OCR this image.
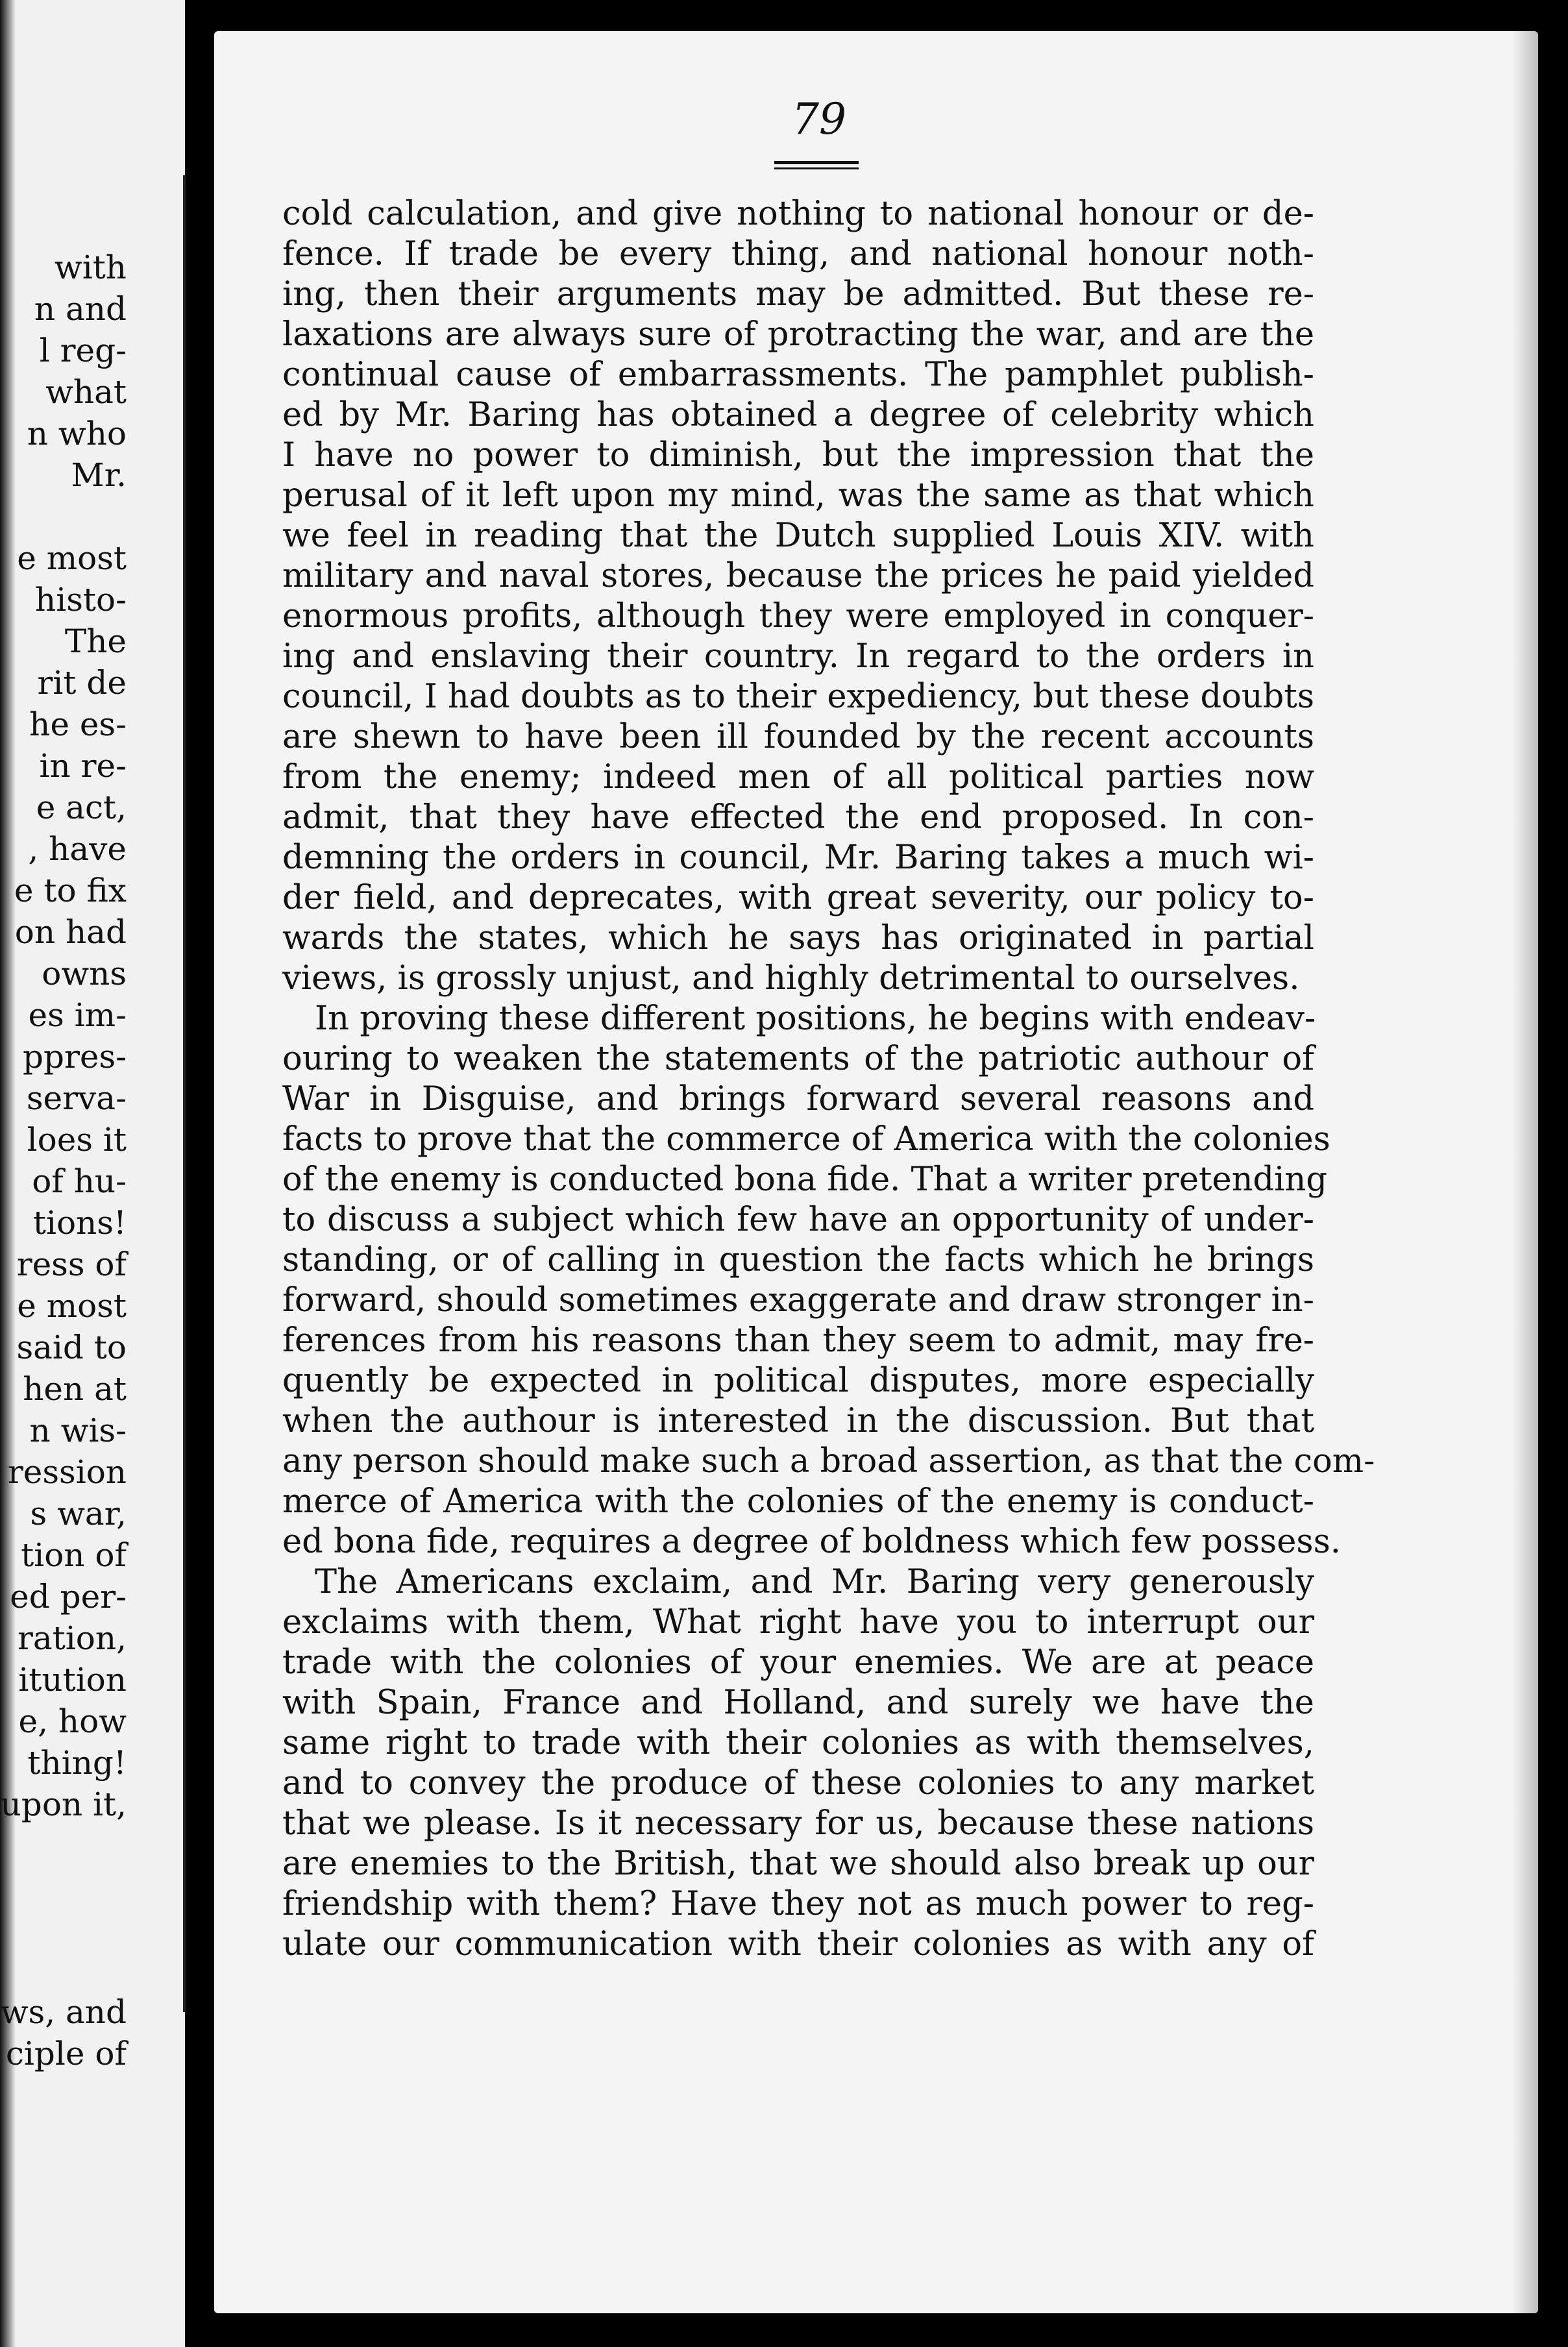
with
n and
l reg-
what
n who
Mr.
e most
histo-
The
rit de
he es-
in re-
e act,
, have
e to fix
on had
owns
es im-
ppres-
serva-
loes it
of hu-
tions!
ress of
e most
said to
hen at
n wis-
ression
s war,
tion of
ed per-
ration,
itution
e, how
thing!
upon it,
ws, and
ciple of
79
cold calculation, and give nothing to national honour or de-
fence. If trade be every thing, and national honour noth-
ing, then their arguments may be admitted. But these re-
laxations are always sure of protracting the war, and are the
continual cause of embarrassments. The pamphlet publish-
ed by Mr. Baring has obtained a degree of celebrity which
I have no power to diminish, but the impression that the
perusal of it left upon my mind, was the same as that which
we feel in reading that the Dutch supplied Louis XIV. with
military and naval stores, because the prices he paid yielded
enormous profits, although they were employed in conquer-
ing and enslaving their country. In regard to the orders in
council, I had doubts as to their expediency, but these doubts
are shewn to have been ill founded by the recent accounts
from the enemy; indeed men of all political parties now
admit, that they have effected the end proposed. In con-
demning the orders in council, Mr. Baring takes a much wi-
der field, and deprecates, with great severity, our policy to-
wards the states, which he says has originated in partial
views, is grossly unjust, and highly detrimental to ourselves.
In proving these different positions, he begins with endeav-
ouring to weaken the statements of the patriotic authour of
War in Disguise, and brings forward several reasons and
facts to prove that the commerce of America with the colonies
of the enemy is conducted bona fide. That a writer pretending
to discuss a subject which few have an opportunity of under-
standing, or of calling in question the facts which he brings
forward, should sometimes exaggerate and draw stronger in-
ferences from his reasons than they seem to admit, may fre-
quently be expected in political disputes, more especially
when the authour is interested in the discussion. But that
any person should make such a broad assertion, as that the com-
merce of America with the colonies of the enemy is conduct-
ed bona fide, requires a degree of boldness which few possess.
The Americans exclaim, and Mr. Baring very generously
exclaims with them, What right have you to interrupt our
trade with the colonies of your enemies. We are at peace
with Spain, France and Holland, and surely we have the
same right to trade with their colonies as with themselves,
and to convey the produce of these colonies to any market
that we please. Is it necessary for us, because these nations
are enemies to the British, that we should also break up our
friendship with them? Have they not as much power to reg-
ulate our communication with their colonies as with any of
